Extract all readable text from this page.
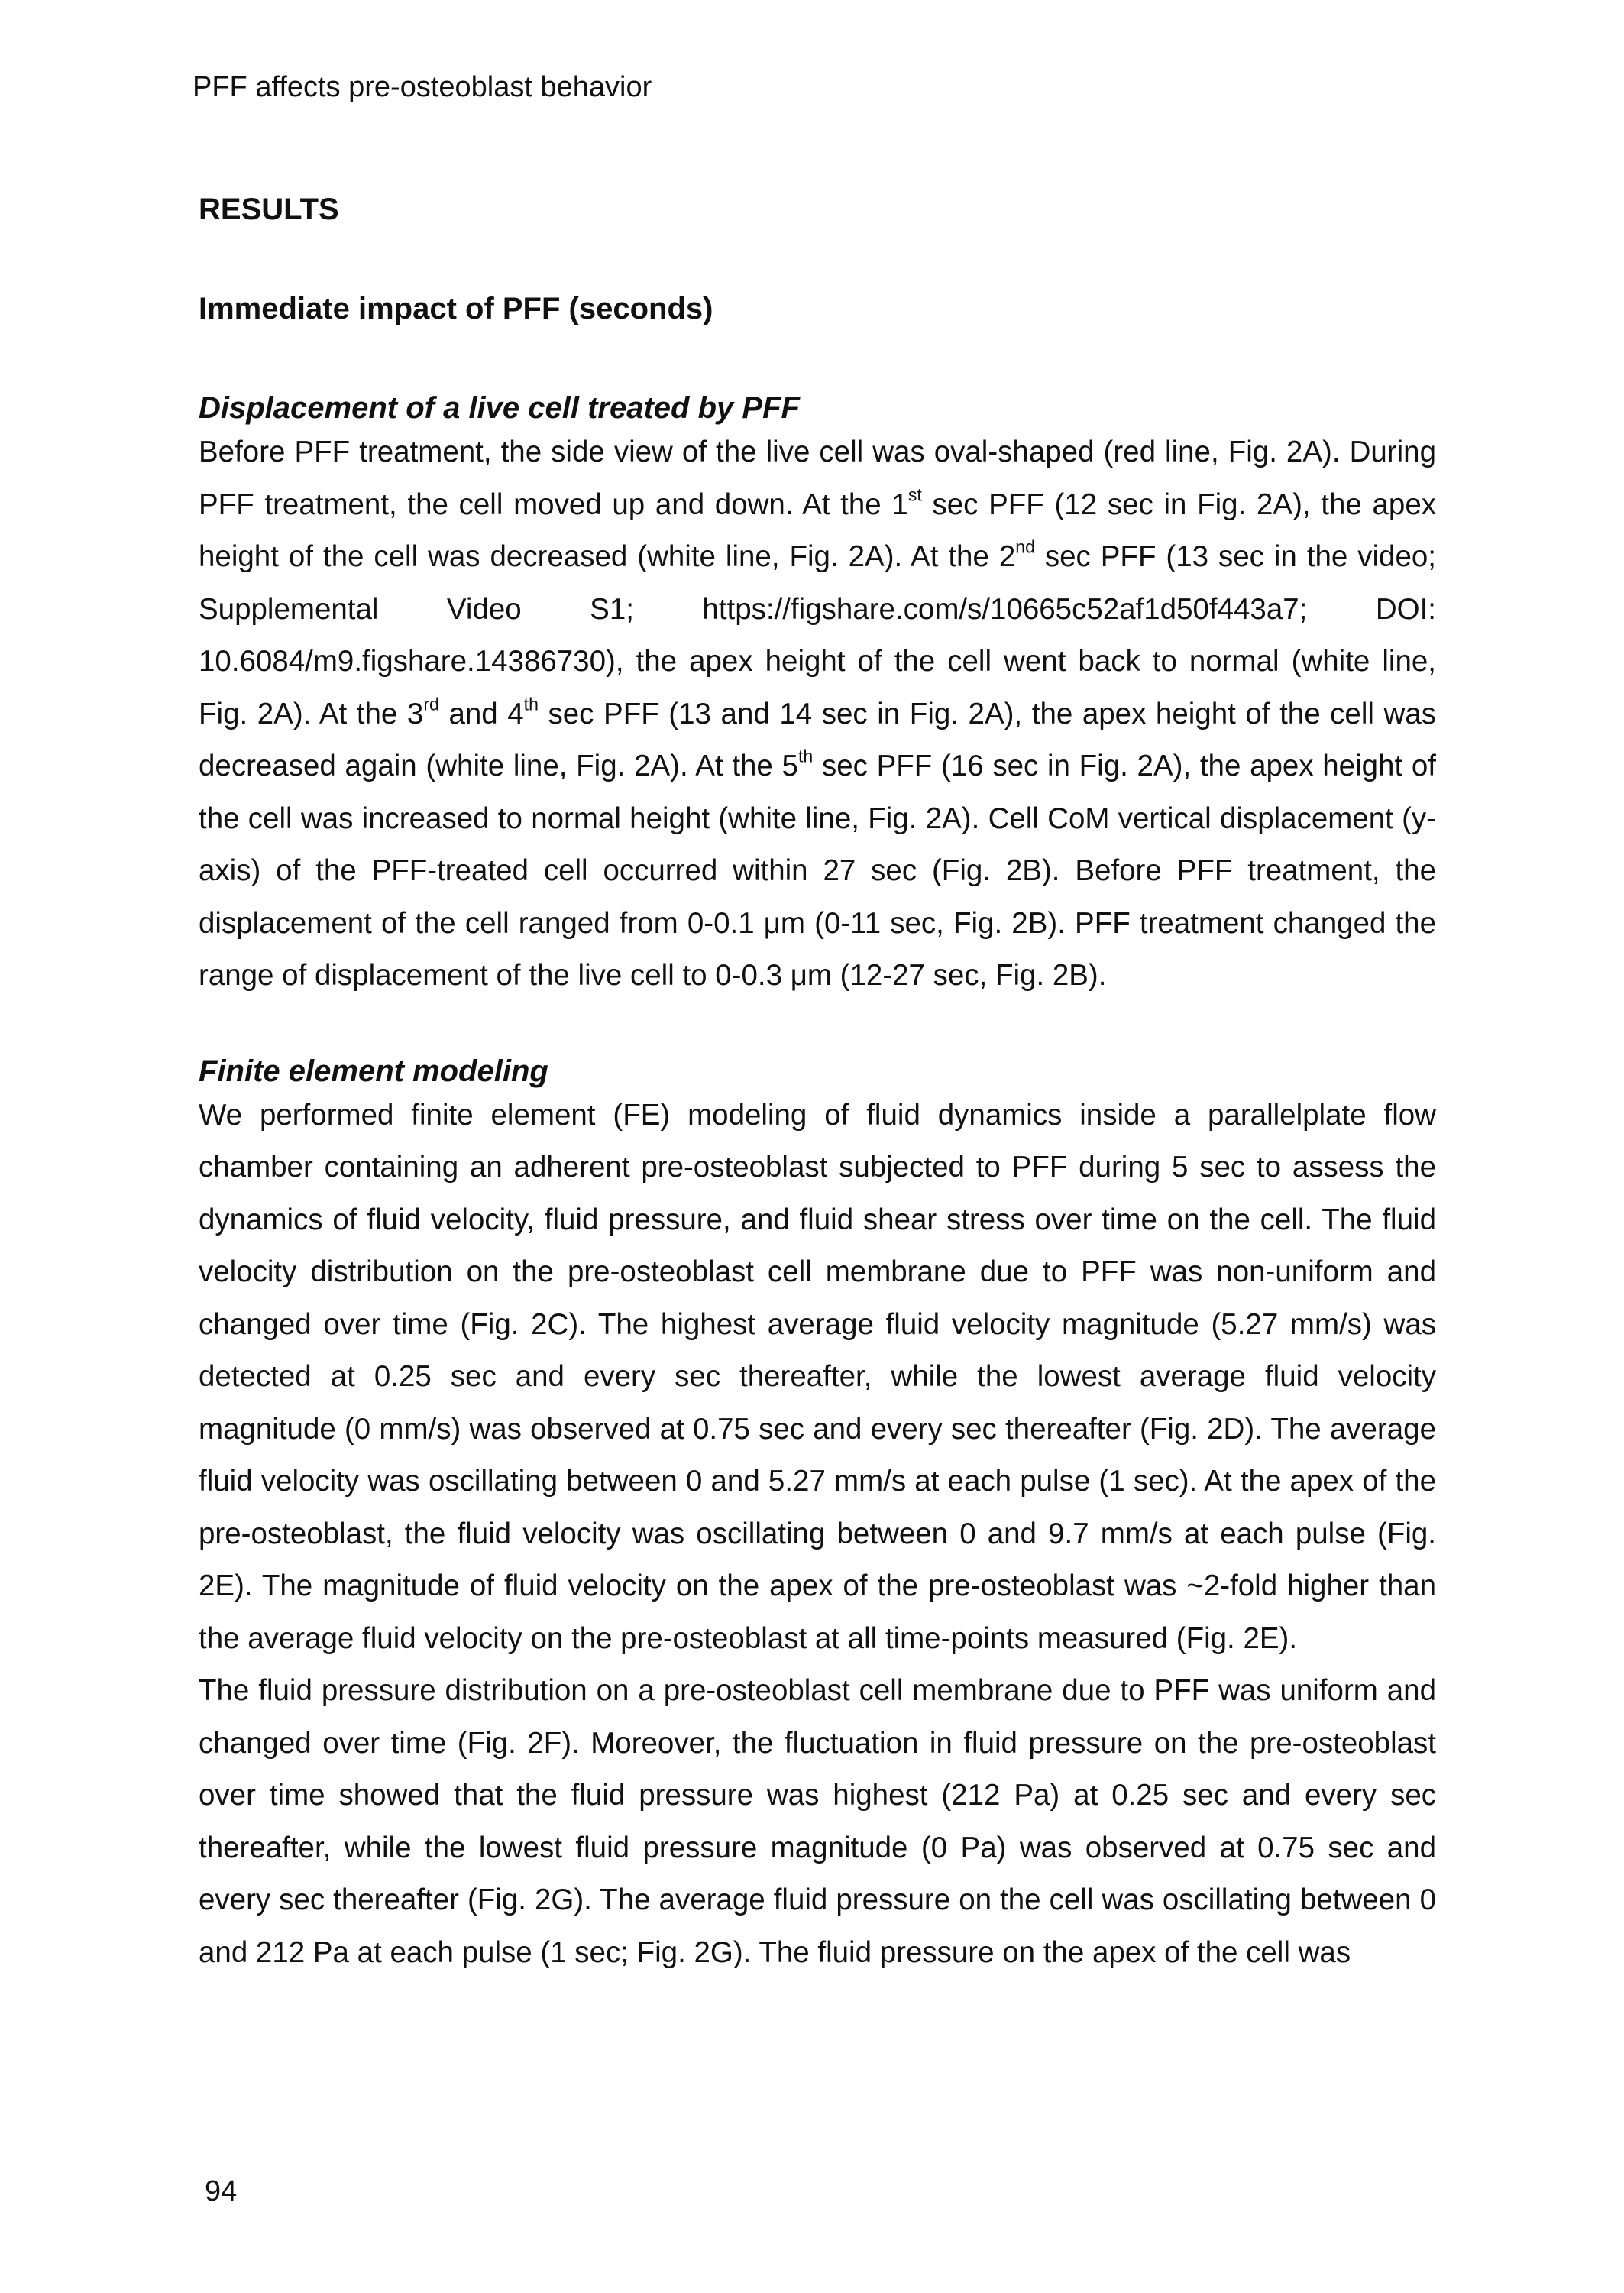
PFF affects pre-osteoblast behavior
RESULTS
Immediate impact of PFF (seconds)
Displacement of a live cell treated by PFF

Before PFF treatment, the side view of the live cell was oval-shaped (red line, Fig. 2A). During PFF treatment, the cell moved up and down. At the 1st sec PFF (12 sec in Fig. 2A), the apex height of the cell was decreased (white line, Fig. 2A). At the 2nd sec PFF (13 sec in the video; Supplemental Video S1; https://figshare.com/s/10665c52af1d50f443a7; DOI: 10.6084/m9.figshare.14386730), the apex height of the cell went back to normal (white line, Fig. 2A). At the 3rd and 4th sec PFF (13 and 14 sec in Fig. 2A), the apex height of the cell was decreased again (white line, Fig. 2A). At the 5th sec PFF (16 sec in Fig. 2A), the apex height of the cell was increased to normal height (white line, Fig. 2A). Cell CoM vertical displacement (y-axis) of the PFF-treated cell occurred within 27 sec (Fig. 2B). Before PFF treatment, the displacement of the cell ranged from 0-0.1 μm (0-11 sec, Fig. 2B). PFF treatment changed the range of displacement of the live cell to 0-0.3 μm (12-27 sec, Fig. 2B).

Finite element modeling

We performed finite element (FE) modeling of fluid dynamics inside a parallelplate flow chamber containing an adherent pre-osteoblast subjected to PFF during 5 sec to assess the dynamics of fluid velocity, fluid pressure, and fluid shear stress over time on the cell. The fluid velocity distribution on the pre-osteoblast cell membrane due to PFF was non-uniform and changed over time (Fig. 2C). The highest average fluid velocity magnitude (5.27 mm/s) was detected at 0.25 sec and every sec thereafter, while the lowest average fluid velocity magnitude (0 mm/s) was observed at 0.75 sec and every sec thereafter (Fig. 2D). The average fluid velocity was oscillating between 0 and 5.27 mm/s at each pulse (1 sec). At the apex of the pre-osteoblast, the fluid velocity was oscillating between 0 and 9.7 mm/s at each pulse (Fig. 2E). The magnitude of fluid velocity on the apex of the pre-osteoblast was ~2-fold higher than the average fluid velocity on the pre-osteoblast at all time-points measured (Fig. 2E).

The fluid pressure distribution on a pre-osteoblast cell membrane due to PFF was uniform and changed over time (Fig. 2F). Moreover, the fluctuation in fluid pressure on the pre-osteoblast over time showed that the fluid pressure was highest (212 Pa) at 0.25 sec and every sec thereafter, while the lowest fluid pressure magnitude (0 Pa) was observed at 0.75 sec and every sec thereafter (Fig. 2G). The average fluid pressure on the cell was oscillating between 0 and 212 Pa at each pulse (1 sec; Fig. 2G). The fluid pressure on the apex of the cell was

94
